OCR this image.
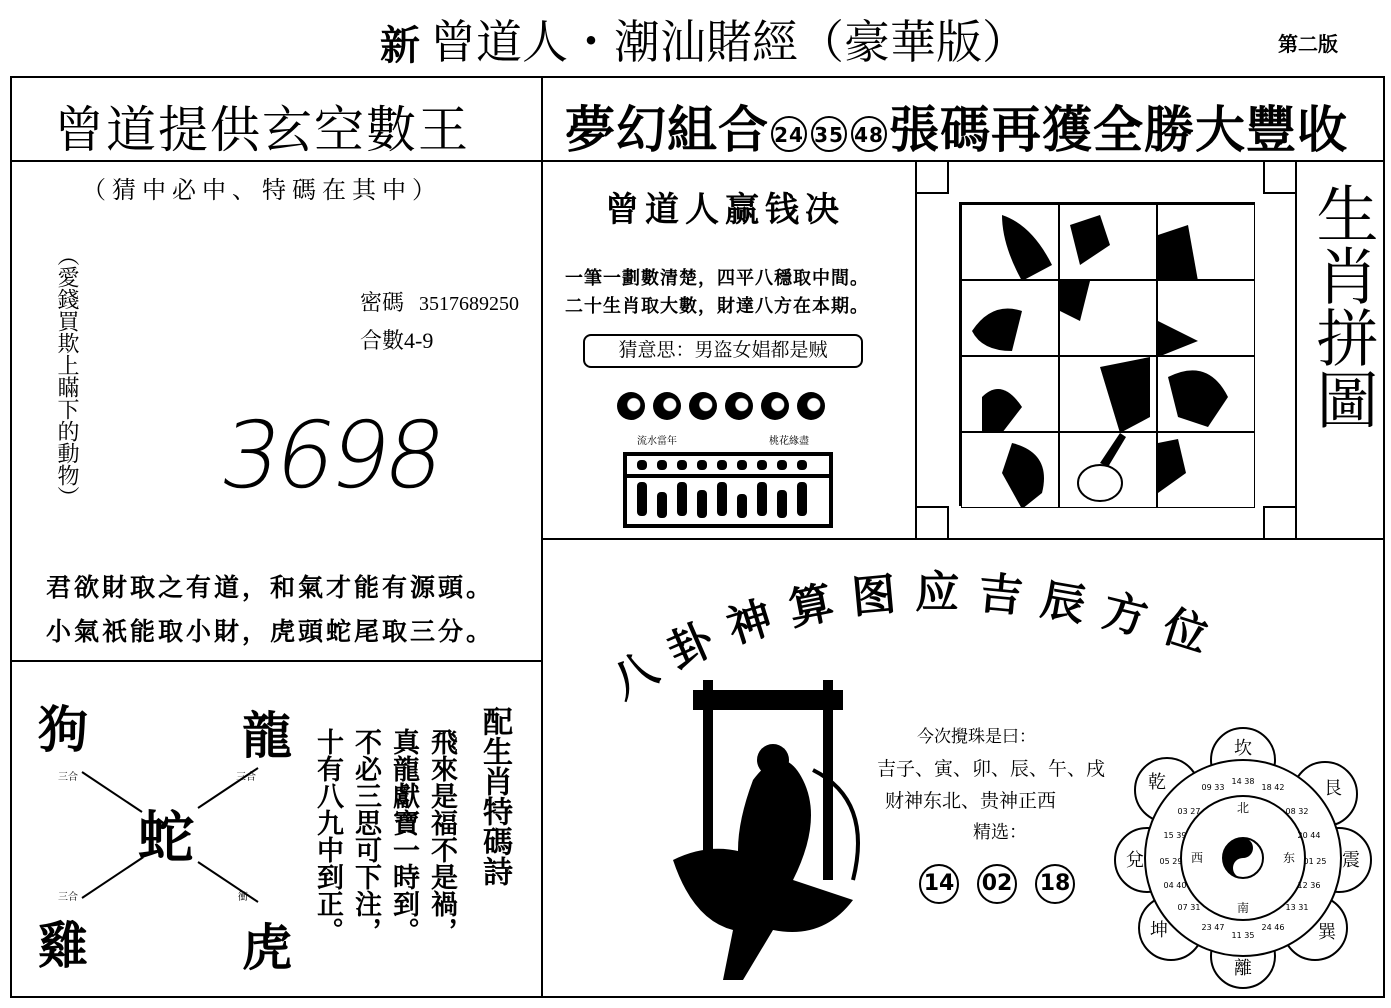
新 曾道人・潮汕賭經（豪華版）	第二版
曾道提供玄空數王 夢幻組合 24 35 48 張碼再獲全勝大豐收
（猜中必中、特碼在其中）
（愛錢買欺上瞞下的動物）	密碼 3517689250
合數4-9
3698
君欲財取之有道，和氣才能有源頭。
小氣祇能取小財，虎頭蛇尾取三分。
曾道人赢钱决
一筆一劃數清楚，四平八穩取中間。
二十生肖取大數，財達八方在本期。
猜意思：男盗女娼都是贼
流水當年	桃花緣盡
生肖拼圖
狗	龍
蛇
雞	虎
三合	三合
三合	衝 十有八九中到正。 不必三思可下注， 真龍獻寶一時到。 飛來是福不是禍， 配生肖特碼詩
八卦神算图应吉辰方位
今次攪珠是曰：
吉子、寅、卯、辰、午、戌
财神东北、贵神正西
精选：
14 02 18
坎
艮
震
巽
離
坤
兌
乾
北
东
南
西
14 38
18 42
08 32
20 44
01 25
12 36
13 31
24 46
11 35
23 47
07 31
04 40
05 29
15 39
03 27
09 33
